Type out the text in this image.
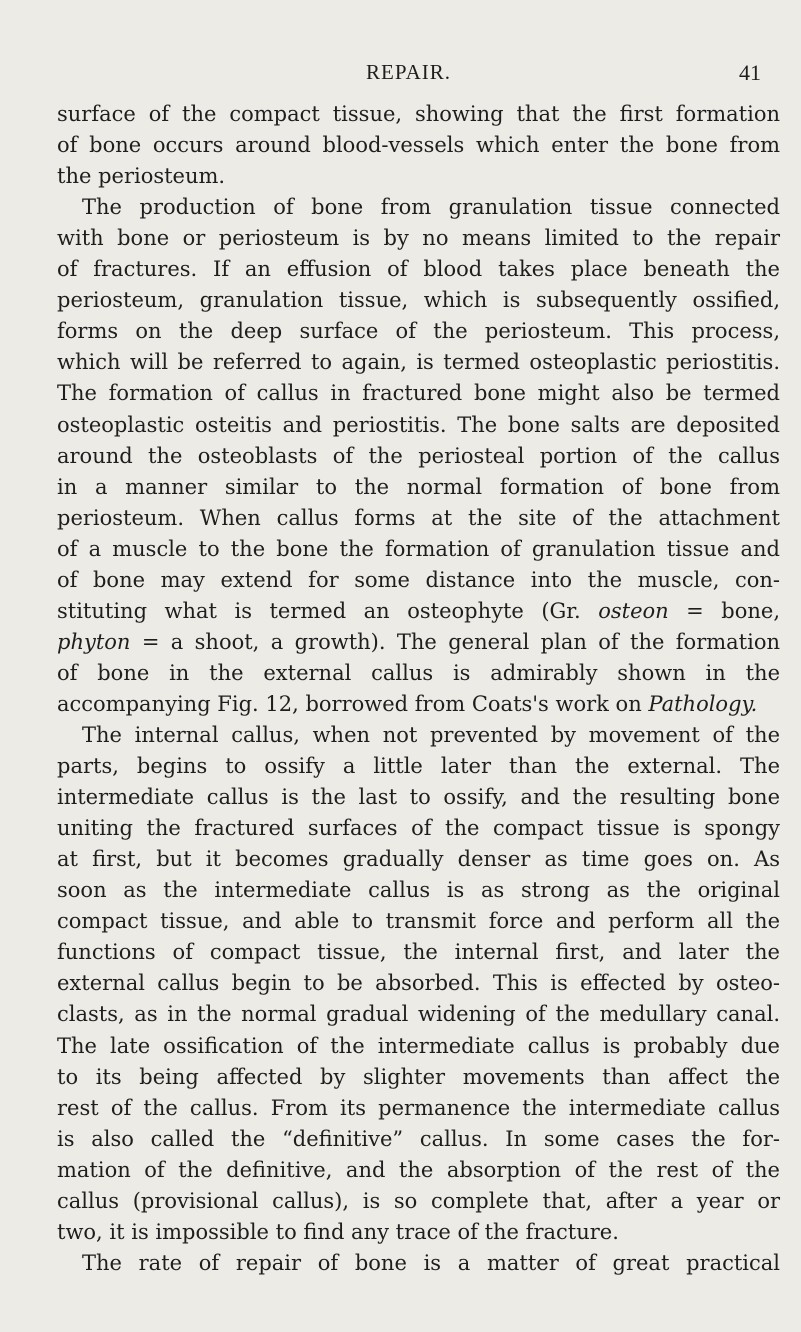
REPAIR.	41
surface of the compact tissue, showing that the first formation
of bone occurs around blood-vessels which enter the bone from
the periosteum.
The production of bone from granulation tissue connected
with bone or periosteum is by no means limited to the repair
of fractures. If an effusion of blood takes place beneath the
periosteum, granulation tissue, which is subsequently ossified,
forms on the deep surface of the periosteum. This process,
which will be referred to again, is termed osteoplastic periostitis.
The formation of callus in fractured bone might also be termed
osteoplastic osteitis and periostitis. The bone salts are deposited
around the osteoblasts of the periosteal portion of the callus
in a manner similar to the normal formation of bone from
periosteum. When callus forms at the site of the attachment
of a muscle to the bone the formation of granulation tissue and
of bone may extend for some distance into the muscle, con-
stituting what is termed an osteophyte (Gr. osteon = bone,
phyton = a shoot, a growth). The general plan of the formation
of bone in the external callus is admirably shown in the
accompanying Fig. 12, borrowed from Coats's work on Pathology.
The internal callus, when not prevented by movement of the
parts, begins to ossify a little later than the external. The
intermediate callus is the last to ossify, and the resulting bone
uniting the fractured surfaces of the compact tissue is spongy
at first, but it becomes gradually denser as time goes on. As
soon as the intermediate callus is as strong as the original
compact tissue, and able to transmit force and perform all the
functions of compact tissue, the internal first, and later the
external callus begin to be absorbed. This is effected by osteo-
clasts, as in the normal gradual widening of the medullary canal.
The late ossification of the intermediate callus is probably due
to its being affected by slighter movements than affect the
rest of the callus. From its permanence the intermediate callus
is also called the “definitive” callus. In some cases the for-
mation of the definitive, and the absorption of the rest of the
callus (provisional callus), is so complete that, after a year or
two, it is impossible to find any trace of the fracture.
The rate of repair of bone is a matter of great practical
